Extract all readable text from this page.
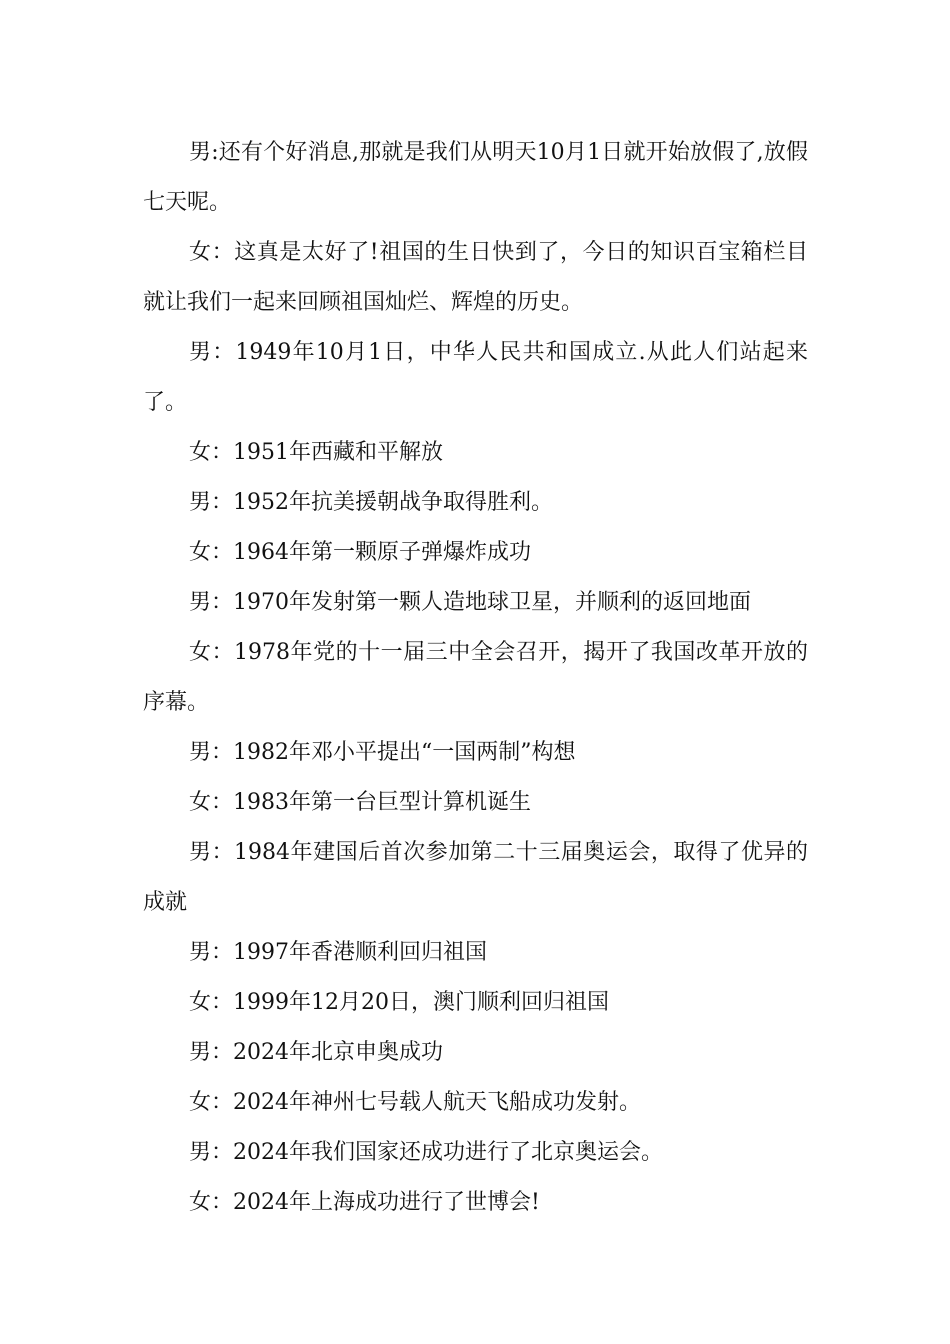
男:还有个好消息,那就是我们从明天10月1日就开始放假了,放假七天呢。

女：这真是太好了!祖国的生日快到了，今日的知识百宝箱栏目就让我们一起来回顾祖国灿烂、辉煌的历史。

男：1949年10月1日，中华人民共和国成立.从此人们站起来了。

女：1951年西藏和平解放

男：1952年抗美援朝战争取得胜利。

女：1964年第一颗原子弹爆炸成功

男：1970年发射第一颗人造地球卫星，并顺利的返回地面

女：1978年党的十一届三中全会召开，揭开了我国改革开放的序幕。

男：1982年邓小平提出“一国两制”构想

女：1983年第一台巨型计算机诞生

男：1984年建国后首次参加第二十三届奥运会，取得了优异的成就

男：1997年香港顺利回归祖国

女：1999年12月20日，澳门顺利回归祖国

男：2024年北京申奥成功

女：2024年神州七号载人航天飞船成功发射。

男：2024年我们国家还成功进行了北京奥运会。

女：2024年上海成功进行了世博会!
